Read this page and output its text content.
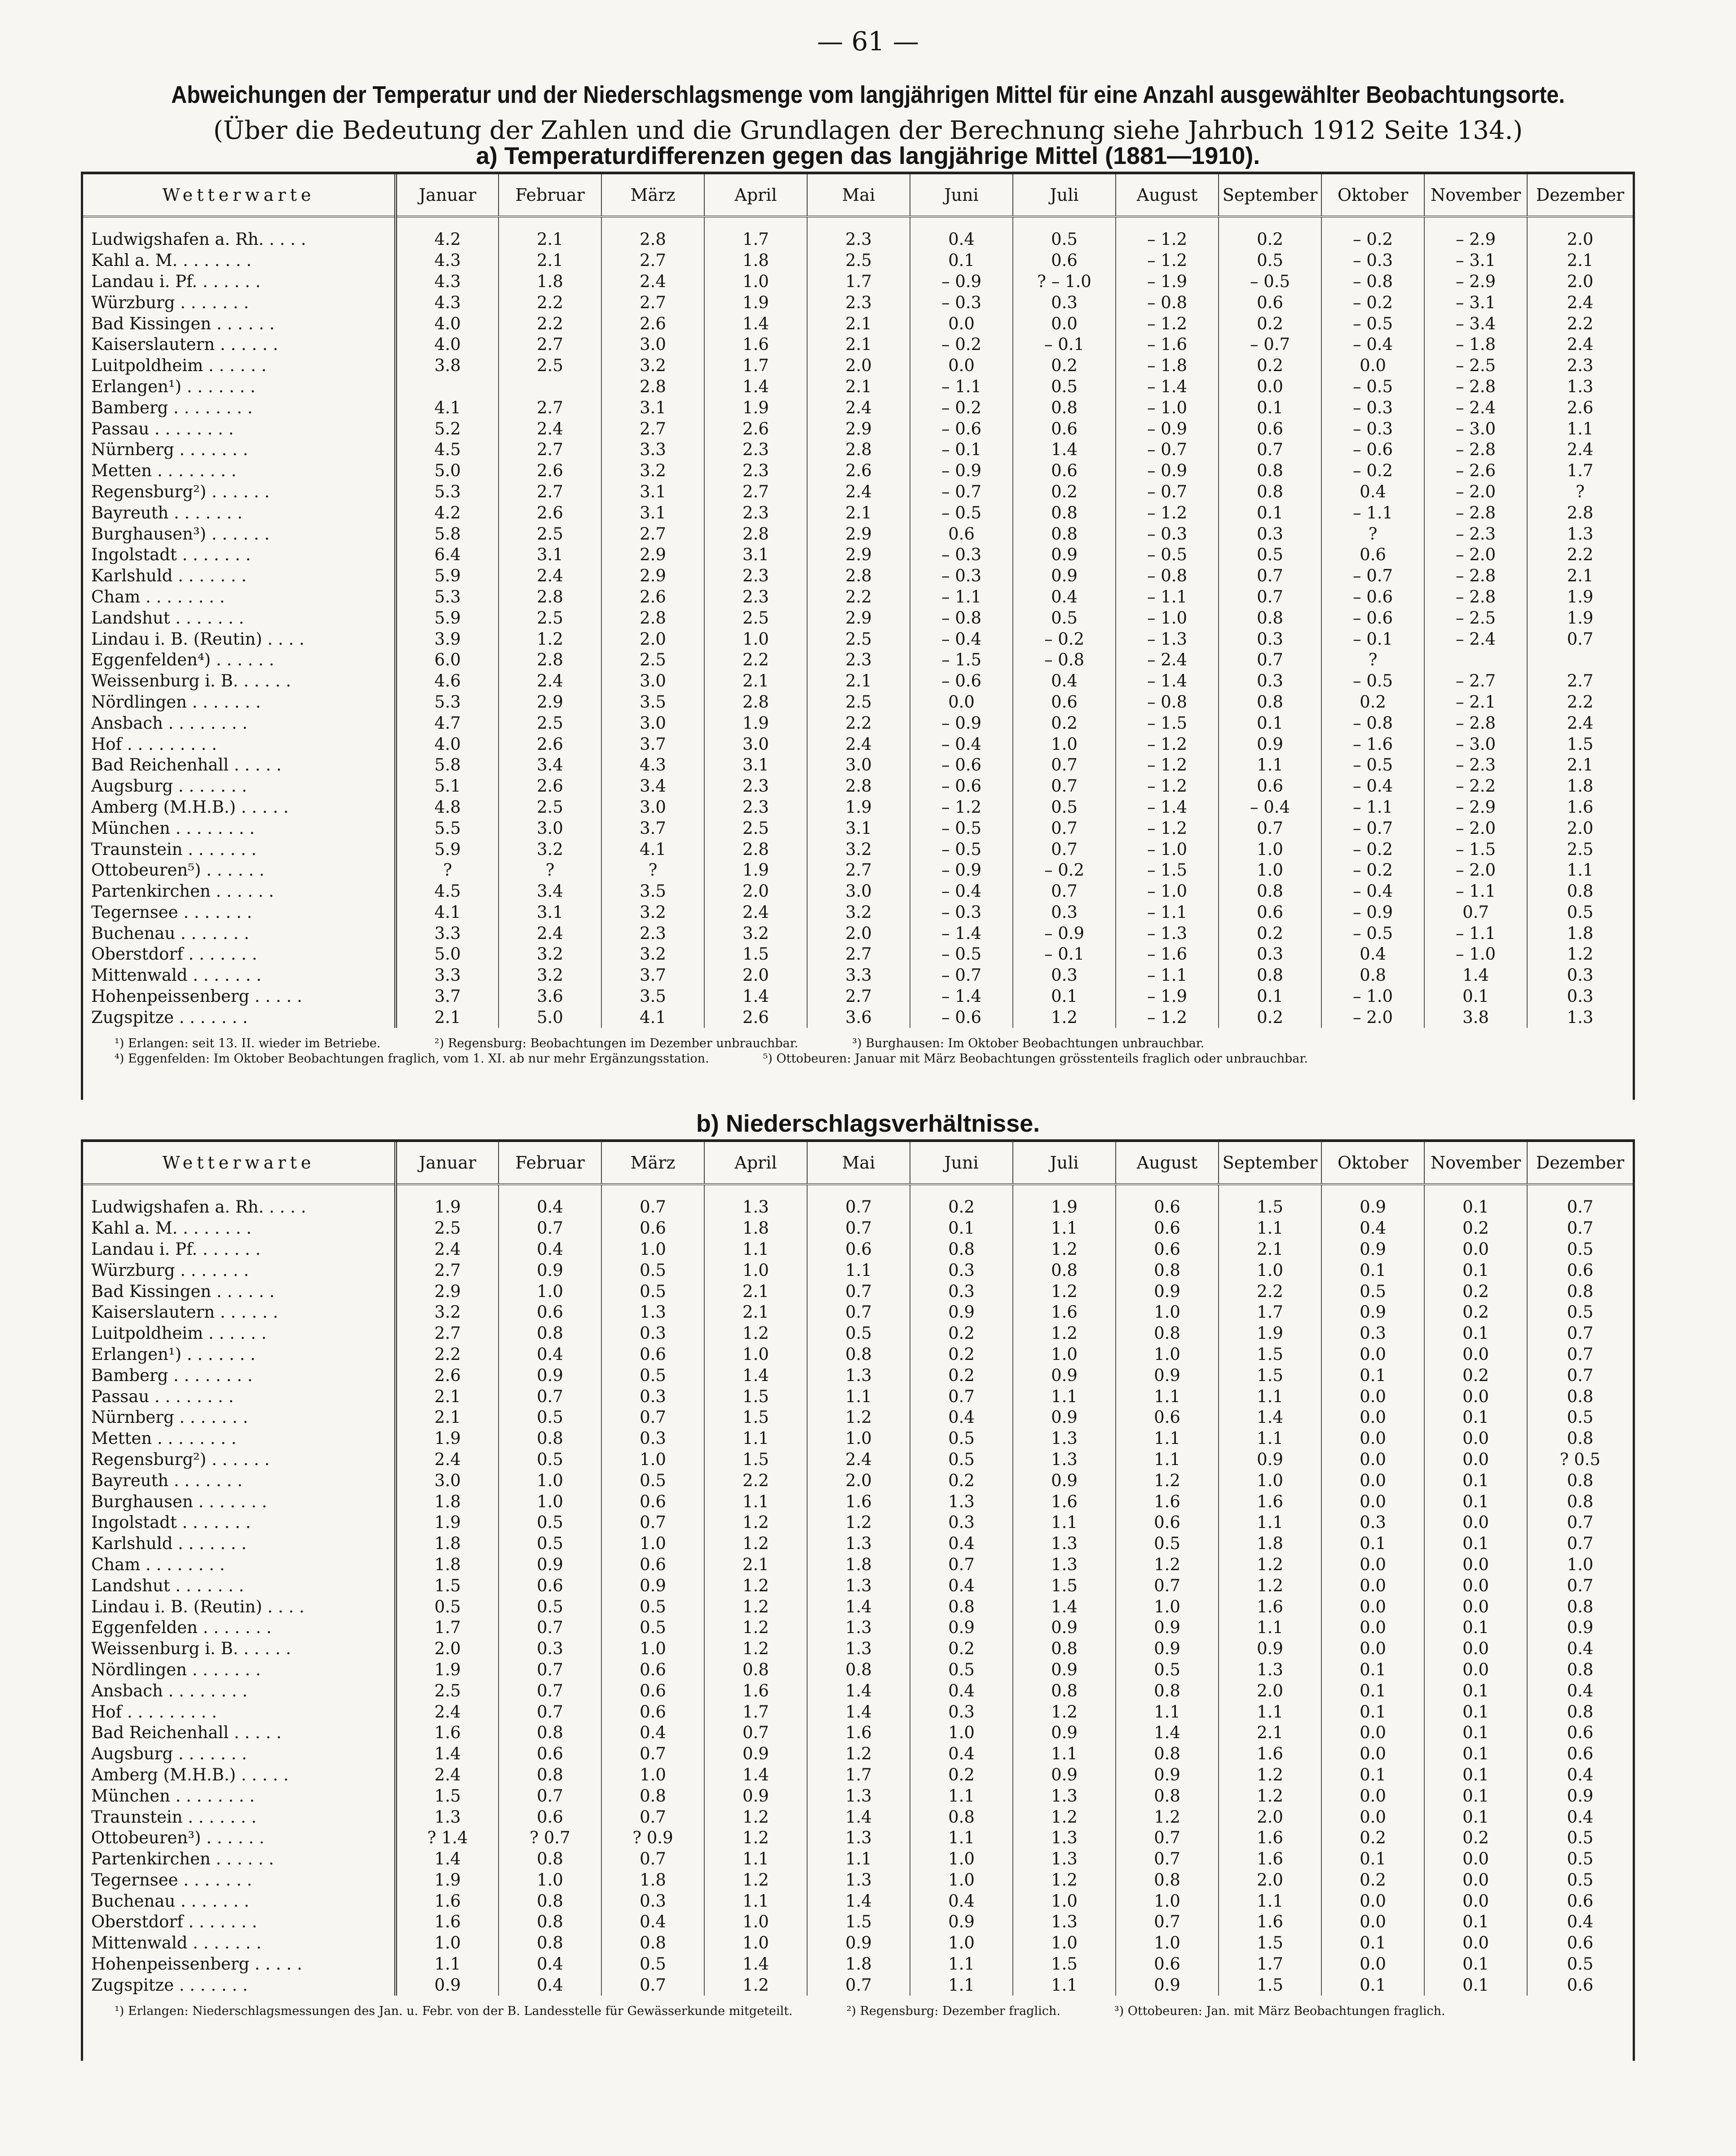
— 61 —
Abweichungen der Temperatur und der Niederschlagsmenge vom langjährigen Mittel für eine Anzahl ausgewählter Beobachtungsorte.
(Über die Bedeutung der Zahlen und die Grundlagen der Berechnung siehe Jahrbuch 1912 Seite 134.)
a) Temperaturdifferenzen gegen das langjährige Mittel (1881—1910).
Wetterwarte	Januar	Februar	März	April	Mai	Juni	Juli	August	September	Oktober	November	Dezember
Ludwigshafen a. Rh. . . . .	4.2	2.1	2.8	1.7	2.3	0.4	0.5	– 1.2	0.2	– 0.2	– 2.9	2.0
Kahl a. M. . . . . . . .	4.3	2.1	2.7	1.8	2.5	0.1	0.6	– 1.2	0.5	– 0.3	– 3.1	2.1
Landau i. Pf. . . . . . .	4.3	1.8	2.4	1.0	1.7	– 0.9	? – 1.0	– 1.9	– 0.5	– 0.8	– 2.9	2.0
Würzburg . . . . . . .	4.3	2.2	2.7	1.9	2.3	– 0.3	0.3	– 0.8	0.6	– 0.2	– 3.1	2.4
Bad Kissingen . . . . . .	4.0	2.2	2.6	1.4	2.1	0.0	0.0	– 1.2	0.2	– 0.5	– 3.4	2.2
Kaiserslautern . . . . . .	4.0	2.7	3.0	1.6	2.1	– 0.2	– 0.1	– 1.6	– 0.7	– 0.4	– 1.8	2.4
Luitpoldheim . . . . . .	3.8	2.5	3.2	1.7	2.0	0.0	0.2	– 1.8	0.2	0.0	– 2.5	2.3
Erlangen¹) . . . . . . .			2.8	1.4	2.1	– 1.1	0.5	– 1.4	0.0	– 0.5	– 2.8	1.3
Bamberg . . . . . . . .	4.1	2.7	3.1	1.9	2.4	– 0.2	0.8	– 1.0	0.1	– 0.3	– 2.4	2.6
Passau . . . . . . . .	5.2	2.4	2.7	2.6	2.9	– 0.6	0.6	– 0.9	0.6	– 0.3	– 3.0	1.1
Nürnberg . . . . . . .	4.5	2.7	3.3	2.3	2.8	– 0.1	1.4	– 0.7	0.7	– 0.6	– 2.8	2.4
Metten . . . . . . . .	5.0	2.6	3.2	2.3	2.6	– 0.9	0.6	– 0.9	0.8	– 0.2	– 2.6	1.7
Regensburg²) . . . . . .	5.3	2.7	3.1	2.7	2.4	– 0.7	0.2	– 0.7	0.8	0.4	– 2.0	?
Bayreuth . . . . . . .	4.2	2.6	3.1	2.3	2.1	– 0.5	0.8	– 1.2	0.1	– 1.1	– 2.8	2.8
Burghausen³) . . . . . .	5.8	2.5	2.7	2.8	2.9	0.6	0.8	– 0.3	0.3	?	– 2.3	1.3
Ingolstadt . . . . . . .	6.4	3.1	2.9	3.1	2.9	– 0.3	0.9	– 0.5	0.5	0.6	– 2.0	2.2
Karlshuld . . . . . . .	5.9	2.4	2.9	2.3	2.8	– 0.3	0.9	– 0.8	0.7	– 0.7	– 2.8	2.1
Cham . . . . . . . .	5.3	2.8	2.6	2.3	2.2	– 1.1	0.4	– 1.1	0.7	– 0.6	– 2.8	1.9
Landshut . . . . . . .	5.9	2.5	2.8	2.5	2.9	– 0.8	0.5	– 1.0	0.8	– 0.6	– 2.5	1.9
Lindau i. B. (Reutin) . . . .	3.9	1.2	2.0	1.0	2.5	– 0.4	– 0.2	– 1.3	0.3	– 0.1	– 2.4	0.7
Eggenfelden⁴) . . . . . .	6.0	2.8	2.5	2.2	2.3	– 1.5	– 0.8	– 2.4	0.7	?		
Weissenburg i. B. . . . . .	4.6	2.4	3.0	2.1	2.1	– 0.6	0.4	– 1.4	0.3	– 0.5	– 2.7	2.7
Nördlingen . . . . . . .	5.3	2.9	3.5	2.8	2.5	0.0	0.6	– 0.8	0.8	0.2	– 2.1	2.2
Ansbach . . . . . . . .	4.7	2.5	3.0	1.9	2.2	– 0.9	0.2	– 1.5	0.1	– 0.8	– 2.8	2.4
Hof . . . . . . . . .	4.0	2.6	3.7	3.0	2.4	– 0.4	1.0	– 1.2	0.9	– 1.6	– 3.0	1.5
Bad Reichenhall . . . . .	5.8	3.4	4.3	3.1	3.0	– 0.6	0.7	– 1.2	1.1	– 0.5	– 2.3	2.1
Augsburg . . . . . . .	5.1	2.6	3.4	2.3	2.8	– 0.6	0.7	– 1.2	0.6	– 0.4	– 2.2	1.8
Amberg (M.H.B.) . . . . .	4.8	2.5	3.0	2.3	1.9	– 1.2	0.5	– 1.4	– 0.4	– 1.1	– 2.9	1.6
München . . . . . . . .	5.5	3.0	3.7	2.5	3.1	– 0.5	0.7	– 1.2	0.7	– 0.7	– 2.0	2.0
Traunstein . . . . . . .	5.9	3.2	4.1	2.8	3.2	– 0.5	0.7	– 1.0	1.0	– 0.2	– 1.5	2.5
Ottobeuren⁵) . . . . . .	?	?	?	1.9	2.7	– 0.9	– 0.2	– 1.5	1.0	– 0.2	– 2.0	1.1
Partenkirchen . . . . . .	4.5	3.4	3.5	2.0	3.0	– 0.4	0.7	– 1.0	0.8	– 0.4	– 1.1	0.8
Tegernsee . . . . . . .	4.1	3.1	3.2	2.4	3.2	– 0.3	0.3	– 1.1	0.6	– 0.9	0.7	0.5
Buchenau . . . . . . .	3.3	2.4	2.3	3.2	2.0	– 1.4	– 0.9	– 1.3	0.2	– 0.5	– 1.1	1.8
Oberstdorf . . . . . . .	5.0	3.2	3.2	1.5	2.7	– 0.5	– 0.1	– 1.6	0.3	0.4	– 1.0	1.2
Mittenwald . . . . . . .	3.3	3.2	3.7	2.0	3.3	– 0.7	0.3	– 1.1	0.8	0.8	1.4	0.3
Hohenpeissenberg . . . . .	3.7	3.6	3.5	1.4	2.7	– 1.4	0.1	– 1.9	0.1	– 1.0	0.1	0.3
Zugspitze . . . . . . .	2.1	5.0	4.1	2.6	3.6	– 0.6	1.2	– 1.2	0.2	– 2.0	3.8	1.3
¹) Erlangen: seit 13. II. wieder im Betriebe.	²) Regensburg: Beobachtungen im Dezember unbrauchbar.	³) Burghausen: Im Oktober Beobachtungen unbrauchbar.
⁴) Eggenfelden: Im Oktober Beobachtungen fraglich, vom 1. XI. ab nur mehr Ergänzungsstation.	⁵) Ottobeuren: Januar mit März Beobachtungen grösstenteils fraglich oder unbrauchbar.
b) Niederschlagsverhältnisse.
Wetterwarte	Januar	Februar	März	April	Mai	Juni	Juli	August	September	Oktober	November	Dezember
Ludwigshafen a. Rh. . . . .	1.9	0.4	0.7	1.3	0.7	0.2	1.9	0.6	1.5	0.9	0.1	0.7
Kahl a. M. . . . . . . .	2.5	0.7	0.6	1.8	0.7	0.1	1.1	0.6	1.1	0.4	0.2	0.7
Landau i. Pf. . . . . . .	2.4	0.4	1.0	1.1	0.6	0.8	1.2	0.6	2.1	0.9	0.0	0.5
Würzburg . . . . . . .	2.7	0.9	0.5	1.0	1.1	0.3	0.8	0.8	1.0	0.1	0.1	0.6
Bad Kissingen . . . . . .	2.9	1.0	0.5	2.1	0.7	0.3	1.2	0.9	2.2	0.5	0.2	0.8
Kaiserslautern . . . . . .	3.2	0.6	1.3	2.1	0.7	0.9	1.6	1.0	1.7	0.9	0.2	0.5
Luitpoldheim . . . . . .	2.7	0.8	0.3	1.2	0.5	0.2	1.2	0.8	1.9	0.3	0.1	0.7
Erlangen¹) . . . . . . .	2.2	0.4	0.6	1.0	0.8	0.2	1.0	1.0	1.5	0.0	0.0	0.7
Bamberg . . . . . . . .	2.6	0.9	0.5	1.4	1.3	0.2	0.9	0.9	1.5	0.1	0.2	0.7
Passau . . . . . . . .	2.1	0.7	0.3	1.5	1.1	0.7	1.1	1.1	1.1	0.0	0.0	0.8
Nürnberg . . . . . . .	2.1	0.5	0.7	1.5	1.2	0.4	0.9	0.6	1.4	0.0	0.1	0.5
Metten . . . . . . . .	1.9	0.8	0.3	1.1	1.0	0.5	1.3	1.1	1.1	0.0	0.0	0.8
Regensburg²) . . . . . .	2.4	0.5	1.0	1.5	2.4	0.5	1.3	1.1	0.9	0.0	0.0	? 0.5
Bayreuth . . . . . . .	3.0	1.0	0.5	2.2	2.0	0.2	0.9	1.2	1.0	0.0	0.1	0.8
Burghausen . . . . . . .	1.8	1.0	0.6	1.1	1.6	1.3	1.6	1.6	1.6	0.0	0.1	0.8
Ingolstadt . . . . . . .	1.9	0.5	0.7	1.2	1.2	0.3	1.1	0.6	1.1	0.3	0.0	0.7
Karlshuld . . . . . . .	1.8	0.5	1.0	1.2	1.3	0.4	1.3	0.5	1.8	0.1	0.1	0.7
Cham . . . . . . . .	1.8	0.9	0.6	2.1	1.8	0.7	1.3	1.2	1.2	0.0	0.0	1.0
Landshut . . . . . . .	1.5	0.6	0.9	1.2	1.3	0.4	1.5	0.7	1.2	0.0	0.0	0.7
Lindau i. B. (Reutin) . . . .	0.5	0.5	0.5	1.2	1.4	0.8	1.4	1.0	1.6	0.0	0.0	0.8
Eggenfelden . . . . . . .	1.7	0.7	0.5	1.2	1.3	0.9	0.9	0.9	1.1	0.0	0.1	0.9
Weissenburg i. B. . . . . .	2.0	0.3	1.0	1.2	1.3	0.2	0.8	0.9	0.9	0.0	0.0	0.4
Nördlingen . . . . . . .	1.9	0.7	0.6	0.8	0.8	0.5	0.9	0.5	1.3	0.1	0.0	0.8
Ansbach . . . . . . . .	2.5	0.7	0.6	1.6	1.4	0.4	0.8	0.8	2.0	0.1	0.1	0.4
Hof . . . . . . . . .	2.4	0.7	0.6	1.7	1.4	0.3	1.2	1.1	1.1	0.1	0.1	0.8
Bad Reichenhall . . . . .	1.6	0.8	0.4	0.7	1.6	1.0	0.9	1.4	2.1	0.0	0.1	0.6
Augsburg . . . . . . .	1.4	0.6	0.7	0.9	1.2	0.4	1.1	0.8	1.6	0.0	0.1	0.6
Amberg (M.H.B.) . . . . .	2.4	0.8	1.0	1.4	1.7	0.2	0.9	0.9	1.2	0.1	0.1	0.4
München . . . . . . . .	1.5	0.7	0.8	0.9	1.3	1.1	1.3	0.8	1.2	0.0	0.1	0.9
Traunstein . . . . . . .	1.3	0.6	0.7	1.2	1.4	0.8	1.2	1.2	2.0	0.0	0.1	0.4
Ottobeuren³) . . . . . .	? 1.4	? 0.7	? 0.9	1.2	1.3	1.1	1.3	0.7	1.6	0.2	0.2	0.5
Partenkirchen . . . . . .	1.4	0.8	0.7	1.1	1.1	1.0	1.3	0.7	1.6	0.1	0.0	0.5
Tegernsee . . . . . . .	1.9	1.0	1.8	1.2	1.3	1.0	1.2	0.8	2.0	0.2	0.0	0.5
Buchenau . . . . . . .	1.6	0.8	0.3	1.1	1.4	0.4	1.0	1.0	1.1	0.0	0.0	0.6
Oberstdorf . . . . . . .	1.6	0.8	0.4	1.0	1.5	0.9	1.3	0.7	1.6	0.0	0.1	0.4
Mittenwald . . . . . . .	1.0	0.8	0.8	1.0	0.9	1.0	1.0	1.0	1.5	0.1	0.0	0.6
Hohenpeissenberg . . . . .	1.1	0.4	0.5	1.4	1.8	1.1	1.5	0.6	1.7	0.0	0.1	0.5
Zugspitze . . . . . . .	0.9	0.4	0.7	1.2	0.7	1.1	1.1	0.9	1.5	0.1	0.1	0.6
¹) Erlangen: Niederschlagsmessungen des Jan. u. Febr. von der B. Landesstelle für Gewässerkunde mitgeteilt.	²) Regensburg: Dezember fraglich.	³) Ottobeuren: Jan. mit März Beobachtungen fraglich.
